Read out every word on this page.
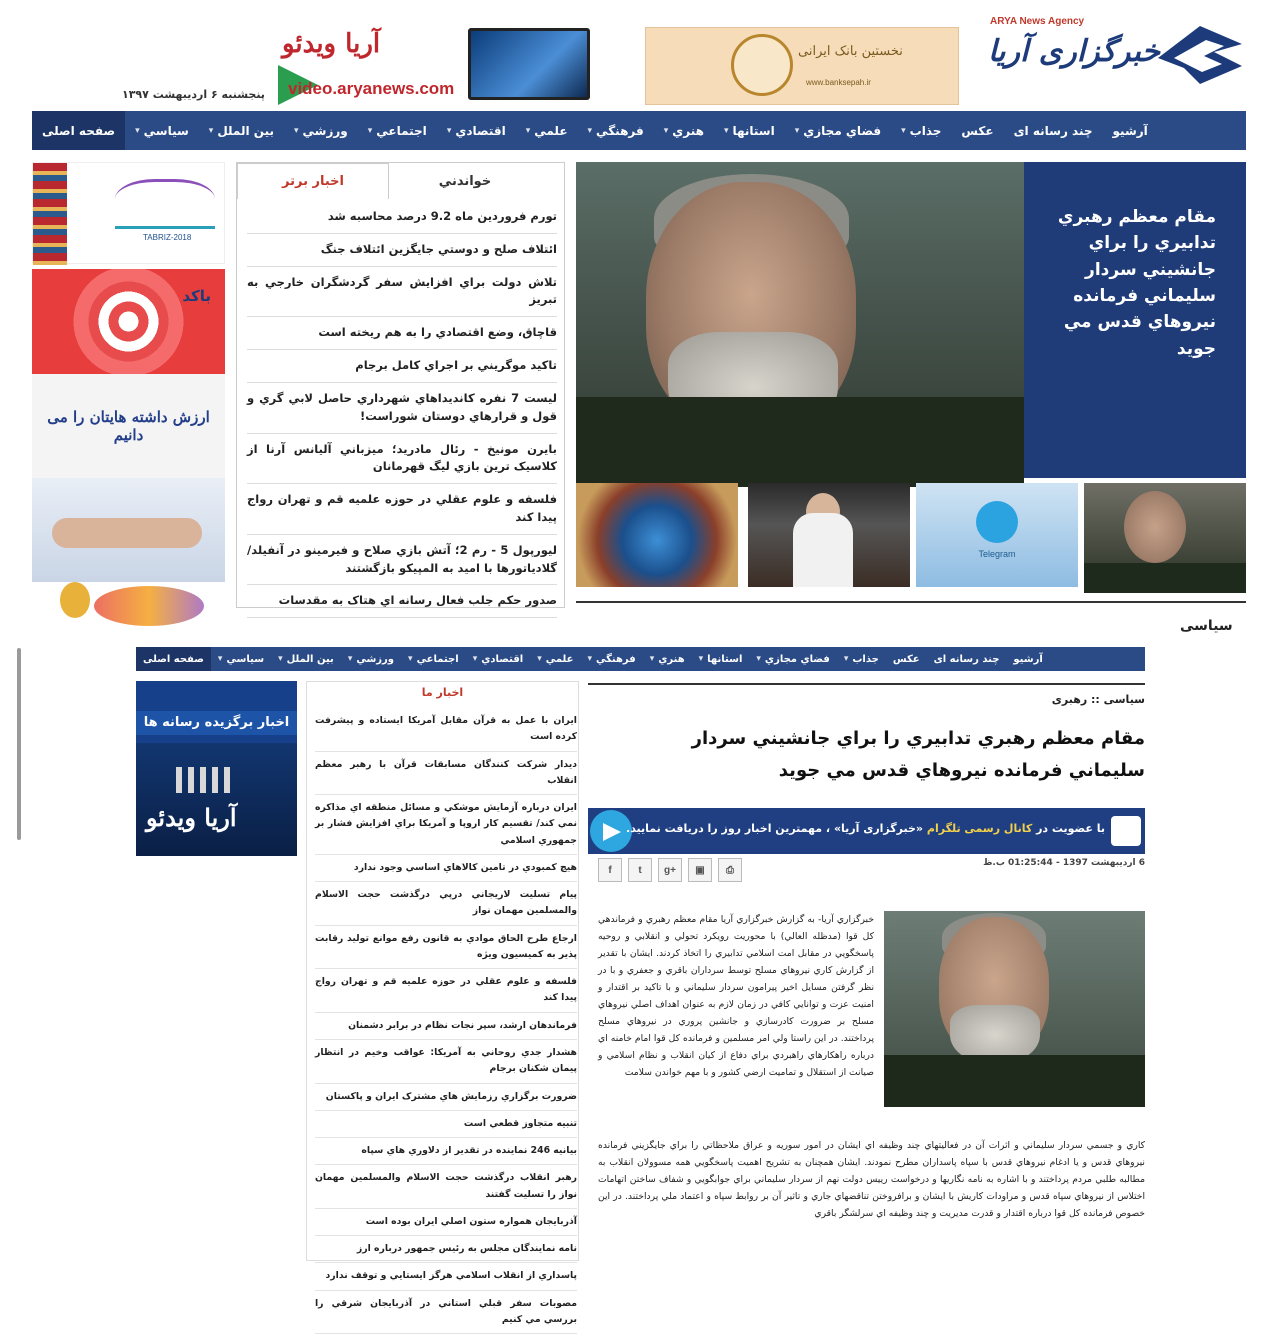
ARYA News Agency
خبرگزاری آریا
نخستین بانک ایرانی
www.banksepah.ir
آریا ویدئو
video.aryanews.com
پنجشنبه ۶ اردیبهشت ۱۳۹۷
صفحه اصلی سیاسي
▾	بين الملل
▾	ورزشي
▾	اجتماعي
▾	اقتصادي
▾	علمي
▾	فرهنگي
▾	هنري
▾	استانها
▾	فضاي مجازي
▾	جذاب
▾	عکس چند رسانه ای آرشيو
مقام معظم رهبري تدابيري را براي جانشيني سردار سليماني فرمانده نيروهاي قدس مي جويد
Telegram
اخبار برتر	خواندني
تورم فروردين ماه 9.2 درصد محاسبه شد
ائتلاف صلح و دوستي جايگزين ائتلاف جنگ
تلاش دولت براي افزايش سفر گردشگران خارجي به تبريز
قاچاق، وضع اقتصادي را به هم ريخته است
تاكيد موگريني بر اجراي كامل برجام
ليست 7 نفره كانديداهاي شهرداري حاصل لابي گري و قول و قرارهاي دوستان شوراست!
بايرن مونيخ - رئال مادريد؛ ميزباني آليانس آرنا از كلاسيک ترين بازي ليگ قهرمانان
فلسفه و علوم عقلي در حوزه علميه قم و تهران رواج پيدا كند
ليورپول 5 - رم 2؛ آتش بازي صلاح و فيرمينو در آنفيلد/ گلادياتورها با اميد به المپيکو بازگشتند
صدور حکم جلب فعال رسانه اي هتاک به مقدسات
TABRIZ-2018
باکد
ارزش داشته هایتان را می دانیم
سیاسی
صفحه اصلی سیاسي
▾	بين الملل
▾	ورزشي
▾	اجتماعي
▾	اقتصادي
▾	علمي
▾	فرهنگي
▾	هنري
▾	استانها
▾	فضاي مجازي
▾	جذاب
▾	عکس چند رسانه ای آرشيو
اخبار برگزیده رسانه ها
آریا ویدئو
اخبار ما
ايران با عمل به قرآن مقابل آمريكا ايستاده و پيشرفت كرده است
ديدار شركت كنندگان مسابقات قرآن با رهبر معظم انقلاب
ايران درباره آزمايش موشكي و مسائل منطقه اي مذاكره نمي كند/ تقسيم كار اروپا و آمريكا براي افزايش فشار بر جمهوري اسلامي
هيچ كمبودي در تامين كالاهاي اساسي وجود ندارد
پيام تسليت لاريجاني درپي درگذشت حجت الاسلام والمسلمين مهمان نواز
ارجاع طرح الحاق موادي به قانون رفع موانع توليد رقابت پذير به كميسيون ويژه
فلسفه و علوم عقلي در حوزه علميه قم و تهران رواج پيدا كند
فرماندهان ارشد، سپر نجات نظام در برابر دشمنان
هشدار جدي روحاني به آمريكا: عواقب وخيم در انتظار پيمان شكنان برجام
ضرورت برگزاري رزمايش هاي مشترک ايران و پاكستان
تنبيه متجاوز قطعي است
بيانيه 246 نماينده در تقدير از دلاوري هاي سپاه
رهبر انقلاب درگذشت حجت الاسلام والمسلمين مهمان نواز را تسليت گفتند
آذربايجان همواره ستون اصلي ايران بوده است
نامه نمايندگان مجلس به رئيس جمهور درباره ارز
پاسداري از انقلاب اسلامي هرگز ايستايي و توقف ندارد
مصوبات سفر قبلي استاني در آذربايجان شرقي را بررسي مي كنيم
سیاسی :: رهبری
مقام معظم رهبري تدابيري را براي جانشيني سردار سليماني فرمانده نيروهاي قدس مي جويد
با عضویت در کانال رسمی تلگرام «خبرگزاری آریا» ، مهمترين اخبار روز را دريافت نماييد.
6 ارديبهشت 1397 - 01:25:44 ب.ظ
f	t	g+	▣	⎙

خبرگزاري آريا- به گزارش خبرگزاري آريا مقام معظم رهبري و فرماندهي كل قوا (مدظله العالي) با محوريت رويكرد تحولي و انقلابي و روحيه پاسخگويي در مقابل امت اسلامي تدابيري را اتخاذ كردند. ايشان با تقدير از گزارش كاري نيروهاي مسلح توسط سرداران باقري و جعفري و با در نظر گرفتن مسايل اخير پيرامون سردار سليماني و با تاكيد بر اقتدار و امنيت عزت و توانايي كافي در زمان لازم به عنوان اهداف اصلي نيروهاي مسلح بر ضرورت كادرسازي و جانشين پروري در نيروهاي مسلح پرداختند. در اين راستا ولي امر مسلمين و فرمانده كل قوا امام خامنه اي درباره راهكارهاي راهبردي براي دفاع از كيان انقلاب و نظام اسلامي و صيانت از استقلال و تماميت ارضي كشور و با مهم خواندن سلامت

كاري و جسمي سردار سليماني و اثرات آن در فعاليتهاي چند وظيفه اي ايشان در امور سوريه و عراق ملاحظاتي را براي جايگزيني فرمانده نيروهاي قدس و يا ادغام نيروهاي قدس با سپاه پاسداران مطرح نمودند. ايشان همچنان به تشريح اهميت پاسخگويي همه مسوولان انقلاب به مطالبه طلبي مردم پرداختند و با اشاره به نامه نگاريها و درخواست رييس دولت نهم از سردار سليماني براي جوابگويي و شفاف ساختن اتهامات اختلاس از نيروهاي سپاه قدس و مراودات كاريش با ايشان و برافروختن تناقضهاي جاري و تاثير آن بر روابط سپاه و اعتماد ملي پرداختند. در اين خصوص فرمانده كل قوا درباره اقتدار و قدرت مديريت و چند وظيفه اي سرلشگر باقري
